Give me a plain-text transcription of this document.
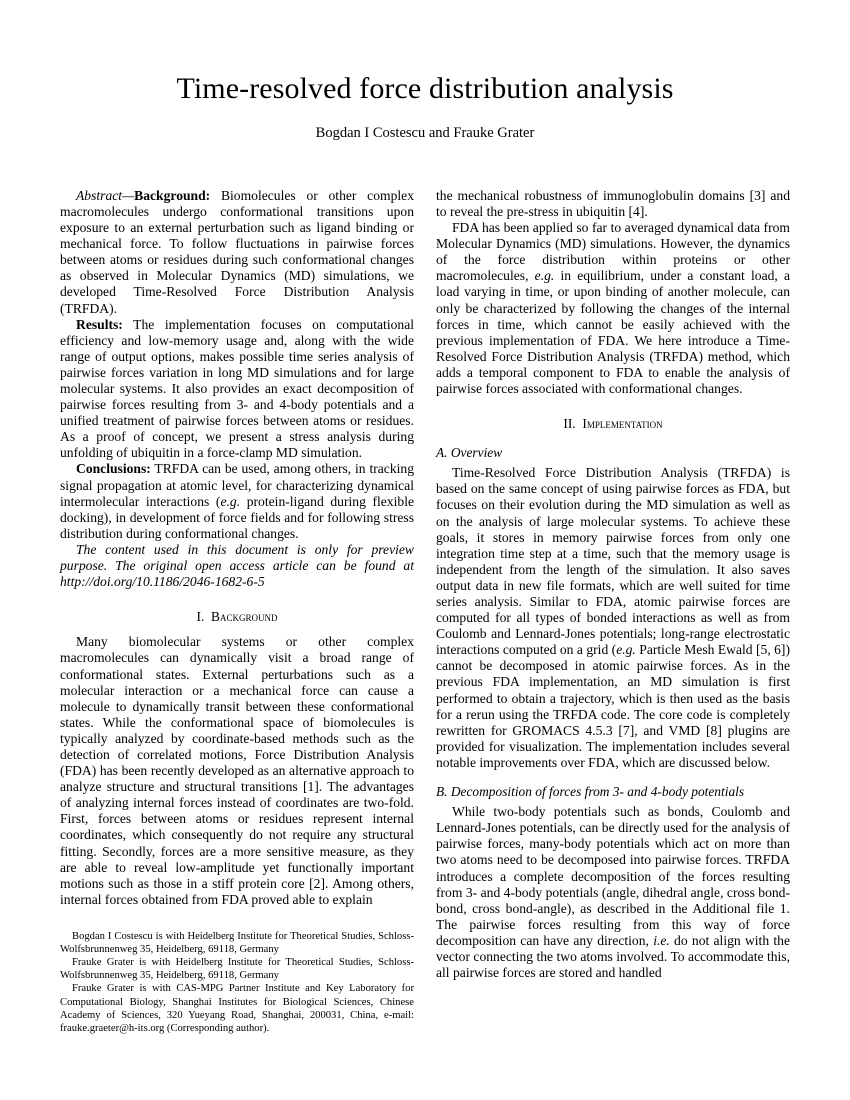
Time-resolved force distribution analysis
Bogdan I Costescu and Frauke Grater

Abstract—Background: Biomolecules or other complex macromolecules undergo conformational transitions upon exposure to an external perturbation such as ligand binding or mechanical force. To follow fluctuations in pairwise forces between atoms or residues during such conformational changes as observed in Molecular Dynamics (MD) simulations, we developed Time-Resolved Force Distribution Analysis (TRFDA).

Results: The implementation focuses on computational efficiency and low-memory usage and, along with the wide range of output options, makes possible time series analysis of pairwise forces variation in long MD simulations and for large molecular systems. It also provides an exact decomposition of pairwise forces resulting from 3- and 4-body potentials and a unified treatment of pairwise forces between atoms or residues. As a proof of concept, we present a stress analysis during unfolding of ubiquitin in a force-clamp MD simulation.

Conclusions: TRFDA can be used, among others, in tracking signal propagation at atomic level, for characterizing dynamical intermolecular interactions (e.g. protein-ligand during flexible docking), in development of force fields and for following stress distribution during conformational changes.

The content used in this document is only for preview purpose. The original open access article can be found at http://doi.org/10.1186/2046-1682-6-5

I. Background

Many biomolecular systems or other complex macromolecules can dynamically visit a broad range of conformational states. External perturbations such as a molecular interaction or a mechanical force can cause a molecule to dynamically transit between these conformational states. While the conformational space of biomolecules is typically analyzed by coordinate-based methods such as the detection of correlated motions, Force Distribution Analysis (FDA) has been recently developed as an alternative approach to analyze structure and structural transitions [1]. The advantages of analyzing internal forces instead of coordinates are two-fold. First, forces between atoms or residues represent internal coordinates, which consequently do not require any structural fitting. Secondly, forces are a more sensitive measure, as they are able to reveal low-amplitude yet functionally important motions such as those in a stiff protein core [2]. Among others, internal forces obtained from FDA proved able to explain

Bogdan I Costescu is with Heidelberg Institute for Theoretical Studies, Schloss-Wolfsbrunnenweg 35, Heidelberg, 69118, Germany

Frauke Grater is with Heidelberg Institute for Theoretical Studies, Schloss-Wolfsbrunnenweg 35, Heidelberg, 69118, Germany

Frauke Grater is with CAS-MPG Partner Institute and Key Laboratory for Computational Biology, Shanghai Institutes for Biological Sciences, Chinese Academy of Sciences, 320 Yueyang Road, Shanghai, 200031, China, e-mail: frauke.graeter@h-its.org (Corresponding author).

the mechanical robustness of immunoglobulin domains [3] and to reveal the pre-stress in ubiquitin [4].

FDA has been applied so far to averaged dynamical data from Molecular Dynamics (MD) simulations. However, the dynamics of the force distribution within proteins or other macromolecules, e.g. in equilibrium, under a constant load, a load varying in time, or upon binding of another molecule, can only be characterized by following the changes of the internal forces in time, which cannot be easily achieved with the previous implementation of FDA. We here introduce a Time-Resolved Force Distribution Analysis (TRFDA) method, which adds a temporal component to FDA to enable the analysis of pairwise forces associated with conformational changes.

II. Implementation
A. Overview

Time-Resolved Force Distribution Analysis (TRFDA) is based on the same concept of using pairwise forces as FDA, but focuses on their evolution during the MD simulation as well as on the analysis of large molecular systems. To achieve these goals, it stores in memory pairwise forces from only one integration time step at a time, such that the memory usage is independent from the length of the simulation. It also saves output data in new file formats, which are well suited for time series analysis. Similar to FDA, atomic pairwise forces are computed for all types of bonded interactions as well as from Coulomb and Lennard-Jones potentials; long-range electrostatic interactions computed on a grid (e.g. Particle Mesh Ewald [5, 6]) cannot be decomposed in atomic pairwise forces. As in the previous FDA implementation, an MD simulation is first performed to obtain a trajectory, which is then used as the basis for a rerun using the TRFDA code. The core code is completely rewritten for GROMACS 4.5.3 [7], and VMD [8] plugins are provided for visualization. The implementation includes several notable improvements over FDA, which are discussed below.

B. Decomposition of forces from 3- and 4-body potentials

While two-body potentials such as bonds, Coulomb and Lennard-Jones potentials, can be directly used for the analysis of pairwise forces, many-body potentials which act on more than two atoms need to be decomposed into pairwise forces. TRFDA introduces a complete decomposition of the forces resulting from 3- and 4-body potentials (angle, dihedral angle, cross bond-bond, cross bond-angle), as described in the Additional file 1. The pairwise forces resulting from this way of force decomposition can have any direction, i.e. do not align with the vector connecting the two atoms involved. To accommodate this, all pairwise forces are stored and handled
